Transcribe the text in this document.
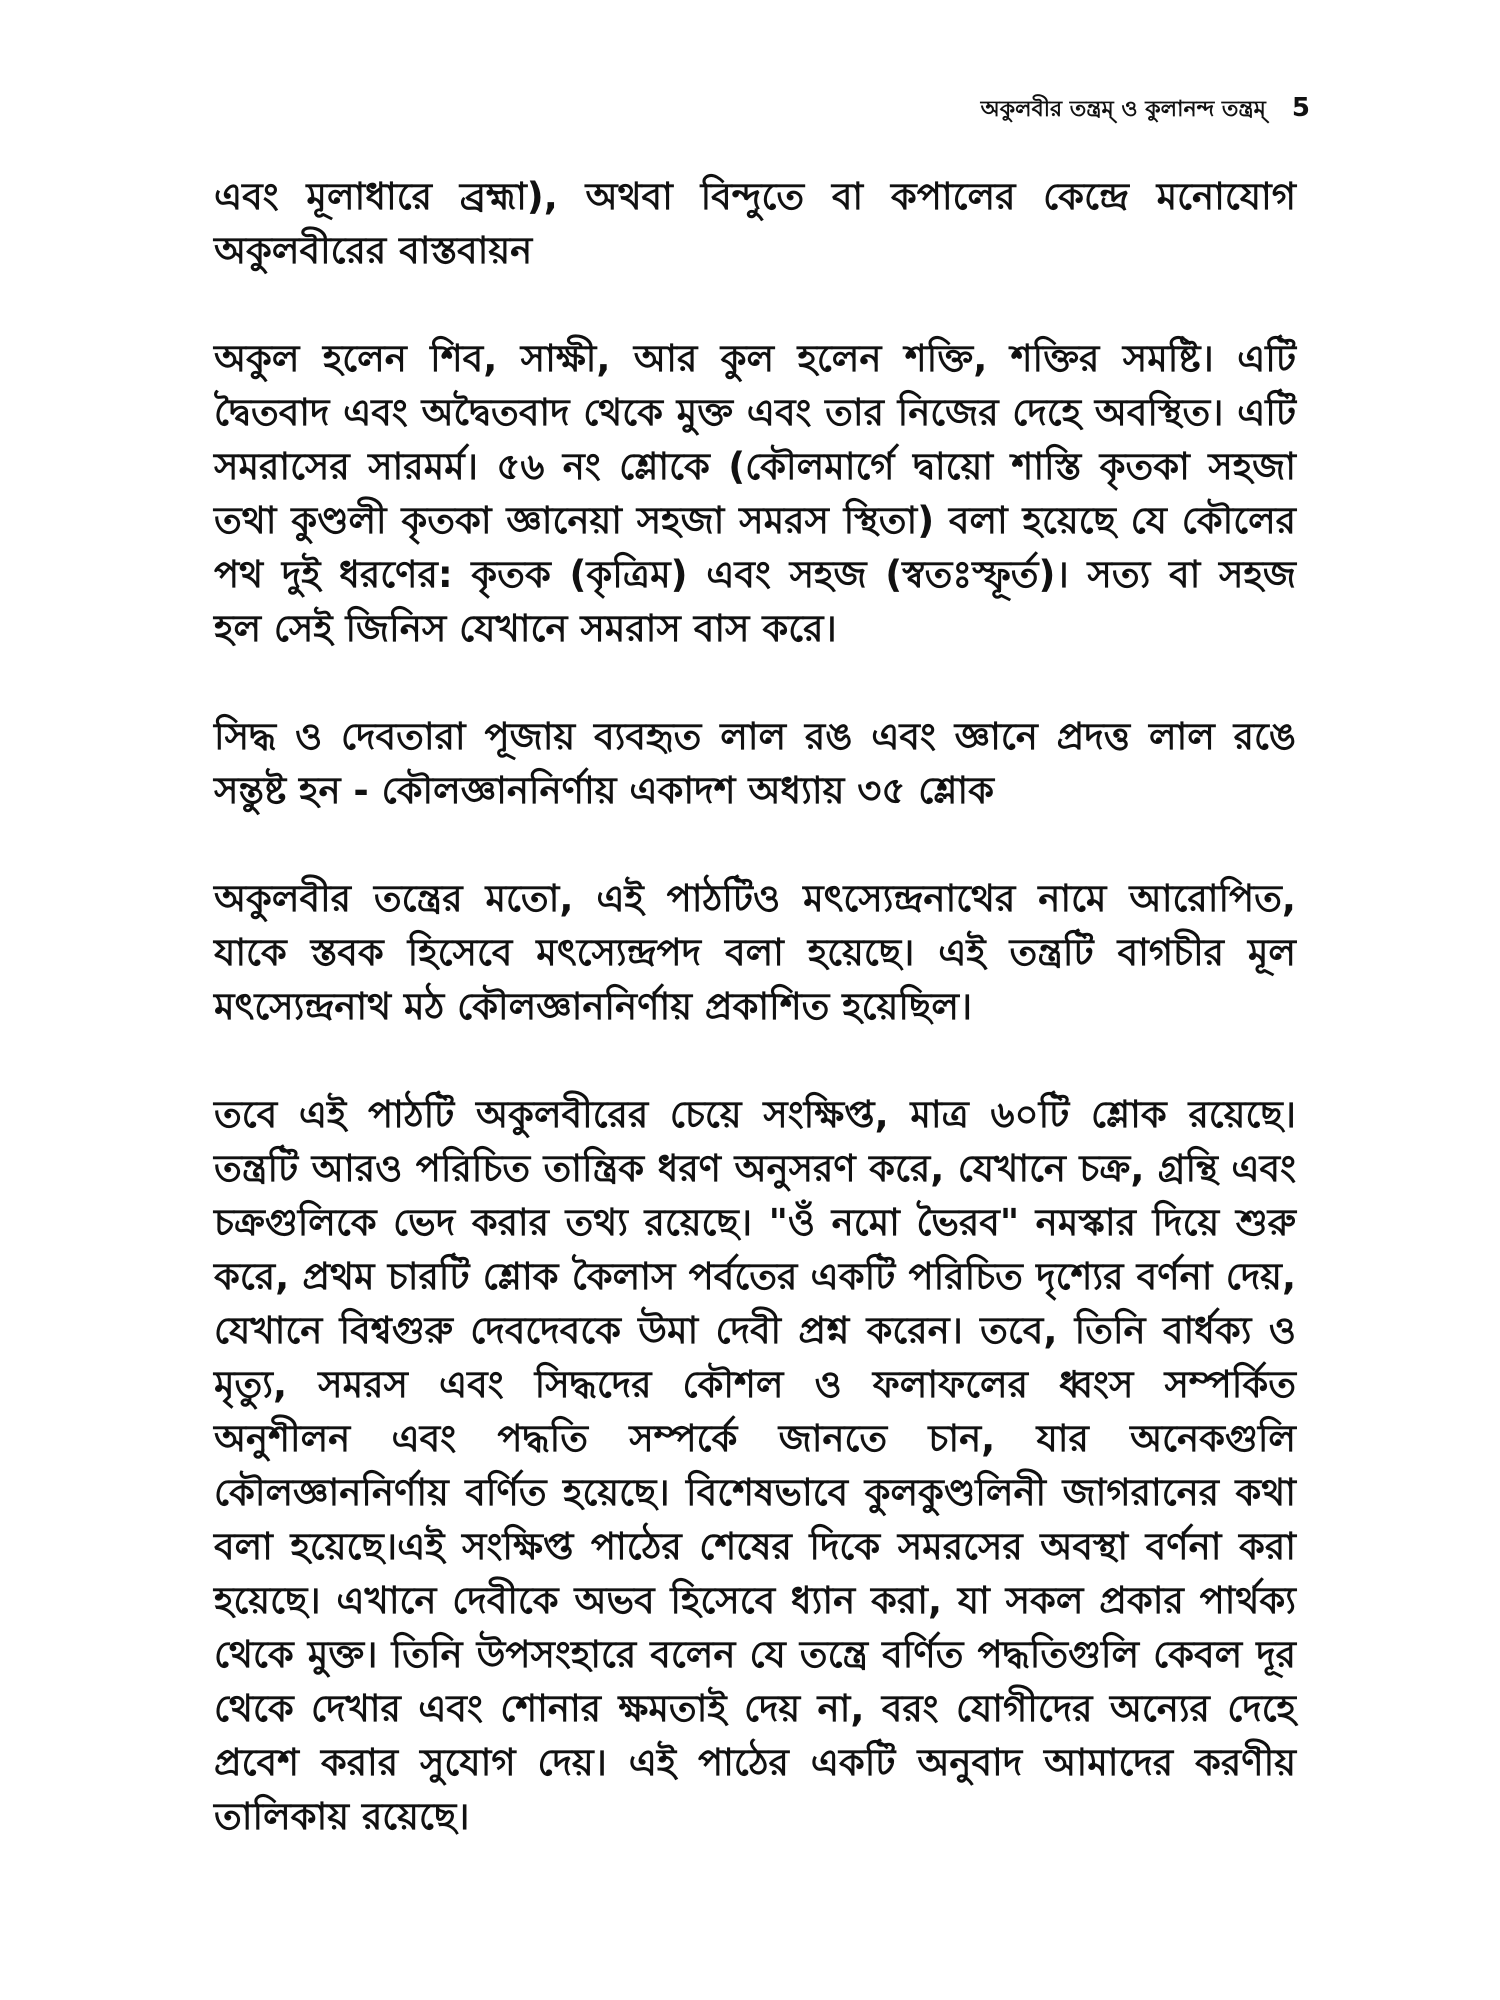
অকুলবীর তন্ত্রম্ ও কুলানন্দ তন্ত্রম্ 5

এবং মূলাধারে ব্রহ্মা), অথবা বিন্দুতে বা কপালের কেন্দ্রে মনোযোগ অকুলবীরের বাস্তবায়ন

অকুল হলেন শিব, সাক্ষী, আর কুল হলেন শক্তি, শক্তির সমষ্টি। এটি দ্বৈতবাদ এবং অদ্বৈতবাদ থেকে মুক্ত এবং তার নিজের দেহে অবস্থিত। এটি সমরাসের সারমর্ম। ৫৬ নং শ্লোকে (কৌলমার্গে দ্বায়ো শাস্তি কৃতকা সহজা তথা কুণ্ডলী কৃতকা জ্ঞানেয়া সহজা সমরস স্থিতা) বলা হয়েছে যে কৌলের পথ দুই ধরণের: কৃতক (কৃত্রিম) এবং সহজ (স্বতঃস্ফূর্ত)। সত্য বা সহজ হল সেই জিনিস যেখানে সমরাস বাস করে।

সিদ্ধ ও দেবতারা পূজায় ব্যবহৃত লাল রঙ এবং জ্ঞানে প্রদত্ত লাল রঙে সন্তুষ্ট হন - কৌলজ্ঞাননির্ণায় একাদশ অধ্যায় ৩৫ শ্লোক

অকুলবীর তন্ত্রের মতো, এই পাঠটিও মৎস্যেন্দ্রনাথের নামে আরোপিত, যাকে স্তবক হিসেবে মৎস্যেন্দ্রপদ বলা হয়েছে। এই তন্ত্রটি বাগচীর মূল মৎস্যেন্দ্রনাথ মঠ কৌলজ্ঞাননির্ণায় প্রকাশিত হয়েছিল।

তবে এই পাঠটি অকুলবীরের চেয়ে সংক্ষিপ্ত, মাত্র ৬০টি শ্লোক রয়েছে। তন্ত্রটি আরও পরিচিত তান্ত্রিক ধরণ অনুসরণ করে, যেখানে চক্র, গ্রন্থি এবং চক্রগুলিকে ভেদ করার তথ্য রয়েছে। "ওঁ নমো ভৈরব" নমস্কার দিয়ে শুরু করে, প্রথম চারটি শ্লোক কৈলাস পর্বতের একটি পরিচিত দৃশ্যের বর্ণনা দেয়, যেখানে বিশ্বগুরু দেবদেবকে উমা দেবী প্রশ্ন করেন। তবে, তিনি বার্ধক্য ও মৃত্যু, সমরস এবং সিদ্ধদের কৌশল ও ফলাফলের ধ্বংস সম্পর্কিত অনুশীলন এবং পদ্ধতি সম্পর্কে জানতে চান, যার অনেকগুলি কৌলজ্ঞাননির্ণায় বর্ণিত হয়েছে। বিশেষভাবে কুলকুণ্ডলিনী জাগরানের কথা বলা হয়েছে।এই সংক্ষিপ্ত পাঠের শেষের দিকে সমরসের অবস্থা বর্ণনা করা হয়েছে। এখানে দেবীকে অভব হিসেবে ধ্যান করা, যা সকল প্রকার পার্থক্য থেকে মুক্ত। তিনি উপসংহারে বলেন যে তন্ত্রে বর্ণিত পদ্ধতিগুলি কেবল দূর থেকে দেখার এবং শোনার ক্ষমতাই দেয় না, বরং যোগীদের অন্যের দেহে প্রবেশ করার সুযোগ দেয়। এই পাঠের একটি অনুবাদ আমাদের করণীয় তালিকায় রয়েছে।
